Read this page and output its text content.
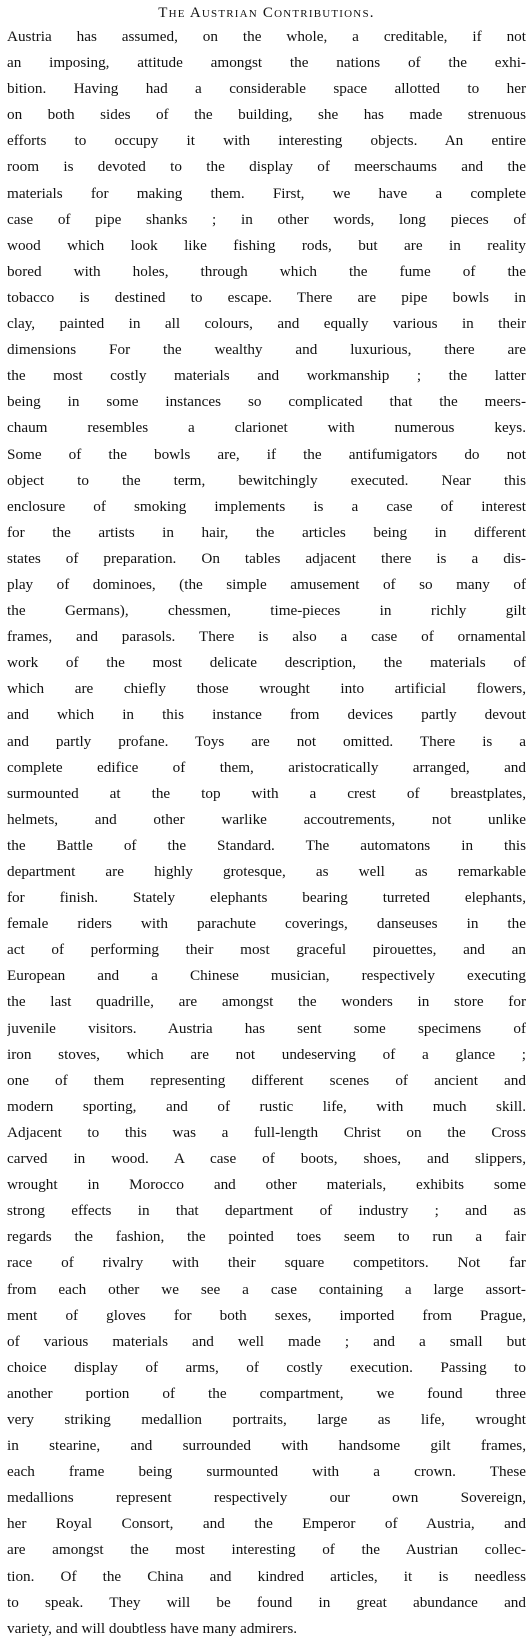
The Austrian Contributions.
Austria has assumed, on the whole, a creditable, if not
an imposing, attitude amongst the nations of the exhi-
bition. Having had a considerable space allotted to her
on both sides of the building, she has made strenuous
efforts to occupy it with interesting objects. An entire
room is devoted to the display of meerschaums and the
materials for making them. First, we have a complete
case of pipe shanks ; in other words, long pieces of
wood which look like fishing rods, but are in reality
bored with holes, through which the fume of the
tobacco is destined to escape. There are pipe bowls in
clay, painted in all colours, and equally various in their
dimensions For the wealthy and luxurious, there are
the most costly materials and workmanship ; the latter
being in some instances so complicated that the meers-
chaum resembles a clarionet with numerous keys.
Some of the bowls are, if the antifumigators do not
object to the term, bewitchingly executed. Near this
enclosure of smoking implements is a case of interest
for the artists in hair, the articles being in different
states of preparation. On tables adjacent there is a dis-
play of dominoes, (the simple amusement of so many of
the Germans), chessmen, time-pieces in richly gilt
frames, and parasols. There is also a case of ornamental
work of the most delicate description, the materials of
which are chiefly those wrought into artificial flowers,
and which in this instance from devices partly devout
and partly profane. Toys are not omitted. There is a
complete edifice of them, aristocratically arranged, and
surmounted at the top with a crest of breastplates,
helmets, and other warlike accoutrements, not unlike
the Battle of the Standard. The automatons in this
department are highly grotesque, as well as remarkable
for finish. Stately elephants bearing turreted elephants,
female riders with parachute coverings, danseuses in the
act of performing their most graceful pirouettes, and an
European and a Chinese musician, respectively executing
the last quadrille, are amongst the wonders in store for
juvenile visitors. Austria has sent some specimens of
iron stoves, which are not undeserving of a glance ;
one of them representing different scenes of ancient and
modern sporting, and of rustic life, with much skill.
Adjacent to this was a full-length Christ on the Cross
carved in wood. A case of boots, shoes, and slippers,
wrought in Morocco and other materials, exhibits some
strong effects in that department of industry ; and as
regards the fashion, the pointed toes seem to run a fair
race of rivalry with their square competitors. Not far
from each other we see a case containing a large assort-
ment of gloves for both sexes, imported from Prague,
of various materials and well made ; and a small but
choice display of arms, of costly execution. Passing to
another portion of the compartment, we found three
very striking medallion portraits, large as life, wrought
in stearine, and surrounded with handsome gilt frames,
each frame being surmounted with a crown. These
medallions represent respectively our own Sovereign,
her Royal Consort, and the Emperor of Austria, and
are amongst the most interesting of the Austrian collec-
tion. Of the China and kindred articles, it is needless
to speak. They will be found in great abundance and
variety, and will doubtless have many admirers.
